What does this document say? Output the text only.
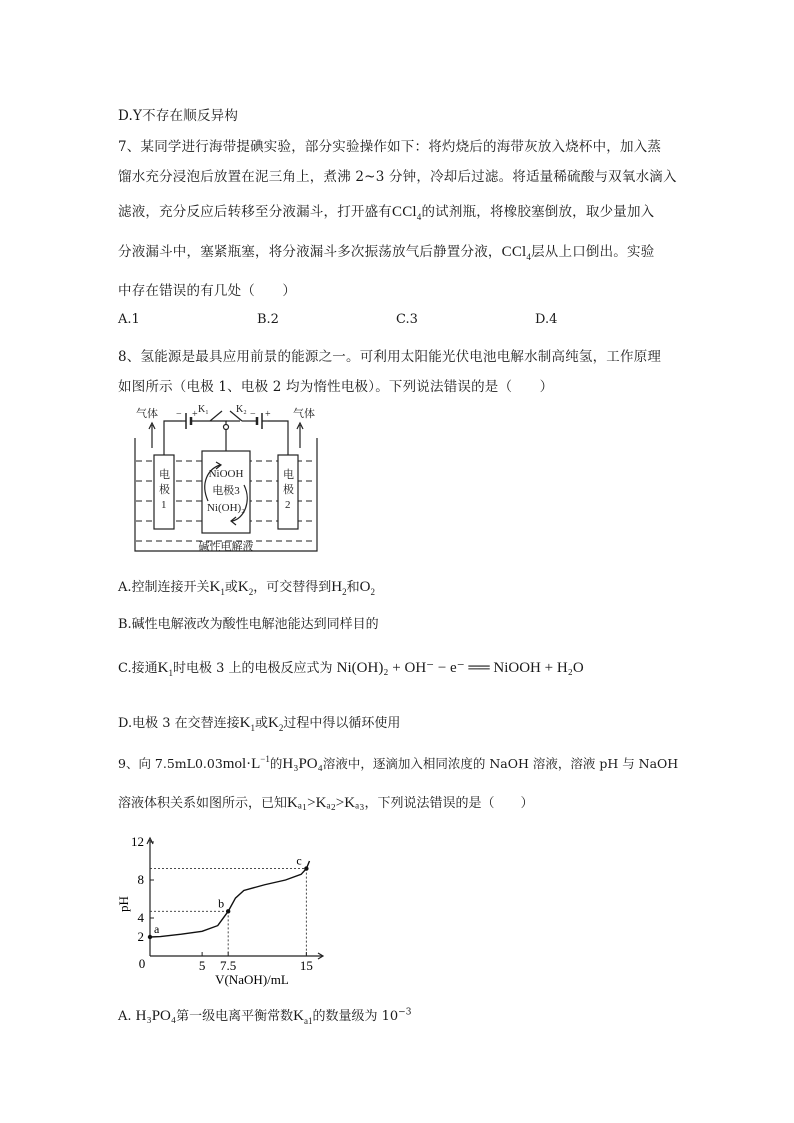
D.Y不存在顺反异构
7、某同学进行海带提碘实验，部分实验操作如下：将灼烧后的海带灰放入烧杯中，加入蒸
馏水充分浸泡后放置在泥三角上，煮沸 2~3 分钟，冷却后过滤。将适量稀硫酸与双氧水滴入
滤液，充分反应后转移至分液漏斗，打开盛有CCl$_4$的试剂瓶，将橡胶塞倒放，取少量加入
分液漏斗中，塞紧瓶塞，将分液漏斗多次振荡放气后静置分液，CCl$_4$层从上口倒出。实验
中存在错误的有几处（　　）
A.1	B.2	C.3	D.4
8、氢能源是最具应用前景的能源之一。可利用太阳能光伏电池电解水制高纯氢，工作原理
如图所示（电极 1、电极 2 均为惰性电极）。下列说法错误的是（　　）
气体	气体
K₁	K₂
− +	− +
电
极
1
电
极
2
NiOOH
电极3
Ni(OH)₂
碱性电解液
A.控制连接开关$K_1$或$K_2$，可交替得到$H_2$和$O_2$
B.碱性电解液改为酸性电解池能达到同样目的
C.接通$K_1$时电极 3 上的电极反应式为 Ni(OH)₂ + OH⁻ − e⁻ ══ NiOOH + H₂O
D.电极 3 在交替连接$K_1$或$K_2$过程中得以循环使用
9、向 $7.5mL0.03mol\cdot L^{-1}$的H₃PO₄溶液中，逐滴加入相同浓度的 NaOH 溶液，溶液 pH 与 NaOH
溶液体积关系如图所示，已知Kₐ₁>Kₐ₂>Kₐ₃，下列说法错误的是（　　）
5 7.5	15
2
4
8
12
a
b
c
0
pH
V(NaOH)/mL
A. H₃PO₄第一级电离平衡常数$K_{a1}$的数量级为 $10^{-3}$
